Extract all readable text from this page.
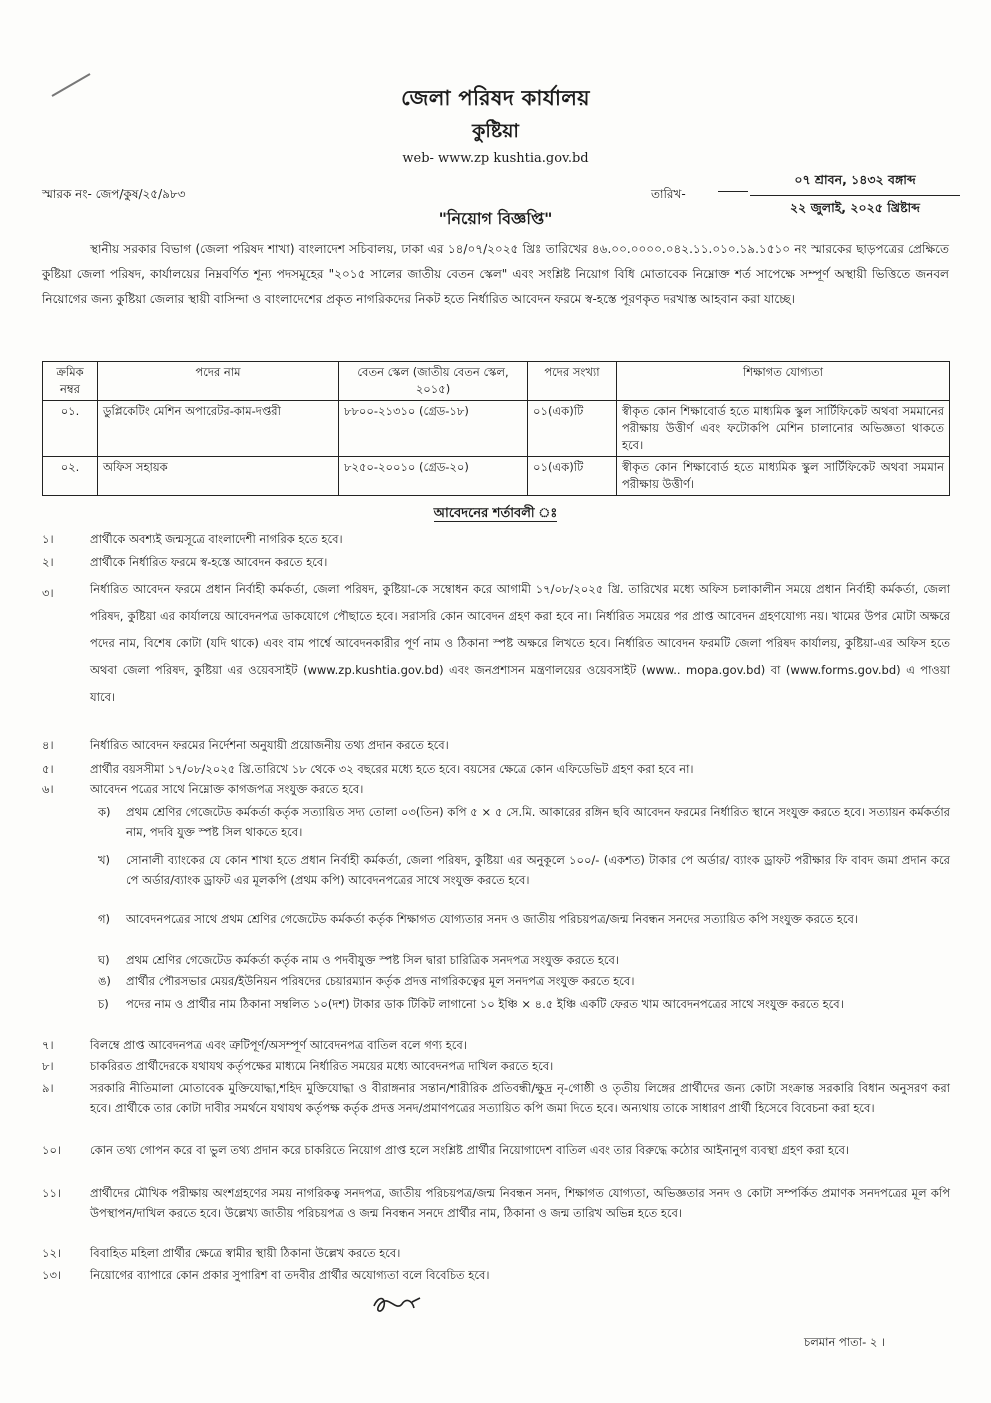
জেলা পরিষদ কার্যালয়
কুষ্টিয়া
web- www.zp kushtia.gov.bd
স্মারক নং- জেপ/কুষ/২৫/৯৮৩	তারিখ-
০৭ শ্রাবন, ১৪৩২ বঙ্গাব্দ
২২ জুলাই, ২০২৫ খ্রিষ্টাব্দ
"নিয়োগ বিজ্ঞপ্তি"
স্থানীয় সরকার বিভাগ (জেলা পরিষদ শাখা) বাংলাদেশ সচিবালয়, ঢাকা এর ১৪/০৭/২০২৫ খ্রিঃ তারিখের ৪৬.০০.০০০০.০৪২.১১.০১০.১৯.১৫১০ নং স্মারকের ছাড়পত্রের প্রেক্ষিতে কুষ্টিয়া জেলা পরিষদ, কার্যালয়ের নিম্নবর্ণিত শূন্য পদসমূহের "২০১৫ সালের জাতীয় বেতন স্কেল" এবং সংশ্লিষ্ট নিয়োগ বিধি মোতাবেক নিম্নোক্ত শর্ত সাপেক্ষে সম্পূর্ণ অস্থায়ী ভিত্তিতে জনবল নিয়োগের জন্য কুষ্টিয়া জেলার স্থায়ী বাসিন্দা ও বাংলাদেশের প্রকৃত নাগরিকদের নিকট হতে নির্ধারিত আবেদন ফরমে স্ব-হস্তে পূরণকৃত দরখাস্ত আহবান করা যাচ্ছে।
ক্রমিক নম্বর	পদের নাম	বেতন স্কেল (জাতীয় বেতন স্কেল, ২০১৫)	পদের সংখ্যা	শিক্ষাগত যোগ্যতা
০১.	ডুপ্লিকেটিং মেশিন অপারেটর-কাম-দপ্তরী	৮৮০০-২১৩১০ (গ্রেড-১৮)	০১(এক)টি	স্বীকৃত কোন শিক্ষাবোর্ড হতে মাধ্যমিক স্কুল সার্টিফিকেট অথবা সমমানের পরীক্ষায় উত্তীর্ণ এবং ফটোকপি মেশিন চালানোর অভিজ্ঞতা থাকতে হবে।
০২.	অফিস সহায়ক	৮২৫০-২০০১০ (গ্রেড-২০)	০১(এক)টি	স্বীকৃত কোন শিক্ষাবোর্ড হতে মাধ্যমিক স্কুল সার্টিফিকেট অথবা সমমান পরীক্ষায় উত্তীর্ণ।
আবেদনের শর্তাবলী ঃ
১।	প্রার্থীকে অবশ্যই জন্মসূত্রে বাংলাদেশী নাগরিক হতে হবে।
২।	প্রার্থীকে নির্ধারিত ফরমে স্ব-হস্তে আবেদন করতে হবে।
৩।	নির্ধারিত আবেদন ফরমে প্রধান নির্বাহী কর্মকর্তা, জেলা পরিষদ, কুষ্টিয়া-কে সম্বোধন করে আগামী ১৭/০৮/২০২৫ খ্রি. তারিখের মধ্যে অফিস চলাকালীন সময়ে প্রধান নির্বাহী কর্মকর্তা, জেলা পরিষদ, কুষ্টিয়া এর কার্যালয়ে আবেদনপত্র ডাকযোগে পৌছাতে হবে। সরাসরি কোন আবেদন গ্রহণ করা হবে না। নির্ধারিত সময়ের পর প্রাপ্ত আবেদন গ্রহণযোগ্য নয়। খামের উপর মোটা অক্ষরে পদের নাম, বিশেষ কোটা (যদি থাকে) এবং বাম পার্শ্বে আবেদনকারীর পূর্ণ নাম ও ঠিকানা স্পষ্ট অক্ষরে লিখতে হবে। নির্ধারিত আবেদন ফরমটি জেলা পরিষদ কার্যালয়, কুষ্টিয়া-এর অফিস হতে অথবা জেলা পরিষদ, কুষ্টিয়া এর ওয়েবসাইট (www.zp.kushtia.gov.bd) এবং জনপ্রশাসন মন্ত্রণালয়ের ওয়েবসাইট (www.. mopa.gov.bd) বা (www.forms.gov.bd) এ পাওয়া যাবে।
৪।	নির্ধারিত আবেদন ফরমের নির্দেশনা অনুযায়ী প্রয়োজনীয় তথ্য প্রদান করতে হবে।
৫।	প্রার্থীর বয়সসীমা ১৭/০৮/২০২৫ খ্রি.তারিখে ১৮ থেকে ৩২ বছরের মধ্যে হতে হবে। বয়সের ক্ষেত্রে কোন এফিডেভিট গ্রহণ করা হবে না।
৬।	আবেদন পত্রের সাথে নিম্নোক্ত কাগজপত্র সংযুক্ত করতে হবে।
ক)	প্রথম শ্রেণির গেজেটেড কর্মকর্তা কর্তৃক সত্যায়িত সদ্য তোলা ০৩(তিন) কপি ৫ × ৫ সে.মি. আকারের রঙ্গিন ছবি আবেদন ফরমের নির্ধারিত স্থানে সংযুক্ত করতে হবে। সত্যায়ন কর্মকর্তার নাম, পদবি যুক্ত স্পষ্ট সিল থাকতে হবে।
খ)	সোনালী ব্যাংকের যে কোন শাখা হতে প্রধান নির্বাহী কর্মকর্তা, জেলা পরিষদ, কুষ্টিয়া এর অনুকূলে ১০০/- (একশত) টাকার পে অর্ডার/ ব্যাংক ড্রাফট পরীক্ষার ফি বাবদ জমা প্রদান করে পে অর্ডার/ব্যাংক ড্রাফট এর মূলকপি (প্রথম কপি) আবেদনপত্রের সাথে সংযুক্ত করতে হবে।
গ)	আবেদনপত্রের সাথে প্রথম শ্রেণির গেজেটেড কর্মকর্তা কর্তৃক শিক্ষাগত যোগ্যতার সনদ ও জাতীয় পরিচয়পত্র/জন্ম নিবন্ধন সনদের সত্যায়িত কপি সংযুক্ত করতে হবে।
ঘ)	প্রথম শ্রেণির গেজেটেড কর্মকর্তা কর্তৃক নাম ও পদবীযুক্ত স্পষ্ট সিল দ্বারা চারিত্রিক সনদপত্র সংযুক্ত করতে হবে।
ঙ)	প্রার্থীর পৌরসভার মেয়র/ইউনিয়ন পরিষদের চেয়ারম্যান কর্তৃক প্রদত্ত নাগরিকত্বের মূল সনদপত্র সংযুক্ত করতে হবে।
চ)	পদের নাম ও প্রার্থীর নাম ঠিকানা সম্বলিত ১০(দশ) টাকার ডাক টিকিট লাগানো ১০ ইঞ্চি × ৪.৫ ইঞ্চি একটি ফেরত খাম আবেদনপত্রের সাথে সংযুক্ত করতে হবে।
৭।	বিলম্বে প্রাপ্ত আবেদনপত্র এবং ত্রুটিপূর্ণ/অসম্পূর্ণ আবেদনপত্র বাতিল বলে গণ্য হবে।
৮।	চাকরিরত প্রার্থীদেরকে যথাযথ কর্তৃপক্ষের মাধ্যমে নির্ধারিত সময়ের মধ্যে আবেদনপত্র দাখিল করতে হবে।
৯।	সরকারি নীতিমালা মোতাবেক মুক্তিযোদ্ধা,শহিদ মুক্তিযোদ্ধা ও বীরাঙ্গনার সন্তান/শারীরিক প্রতিবন্ধী/ক্ষুদ্র নৃ-গোষ্ঠী ও তৃতীয় লিঙ্গের প্রার্থীদের জন্য কোটা সংক্রান্ত সরকারি বিধান অনুসরণ করা হবে। প্রার্থীকে তার কোটা দাবীর সমর্থনে যথাযথ কর্তৃপক্ষ কর্তৃক প্রদত্ত সনদ/প্রমাণপত্রের সত্যায়িত কপি জমা দিতে হবে। অন্যথায় তাকে সাধারণ প্রার্থী হিসেবে বিবেচনা করা হবে।
১০।	কোন তথ্য গোপন করে বা ভুল তথ্য প্রদান করে চাকরিতে নিয়োগ প্রাপ্ত হলে সংশ্লিষ্ট প্রার্থীর নিয়োগাদেশ বাতিল এবং তার বিরুদ্ধে কঠোর আইনানুগ ব্যবস্থা গ্রহণ করা হবে।
১১।	প্রার্থীদের মৌখিক পরীক্ষায় অংশগ্রহণের সময় নাগরিকত্ব সনদপত্র, জাতীয় পরিচয়পত্র/জন্ম নিবন্ধন সনদ, শিক্ষাগত যোগ্যতা, অভিজ্ঞতার সনদ ও কোটা সম্পর্কিত প্রমাণক সনদপত্রের মূল কপি উপস্থাপন/দাখিল করতে হবে। উল্লেখ্য জাতীয় পরিচয়পত্র ও জন্ম নিবন্ধন সনদে প্রার্থীর নাম, ঠিকানা ও জন্ম তারিখ অভিন্ন হতে হবে।
১২।	বিবাহিত মহিলা প্রার্থীর ক্ষেত্রে স্বামীর স্থায়ী ঠিকানা উল্লেখ করতে হবে।
১৩।	নিয়োগের ব্যাপারে কোন প্রকার সুপারিশ বা তদবীর প্রার্থীর অযোগ্যতা বলে বিবেচিত হবে।
চলমান পাতা- ২ ।
